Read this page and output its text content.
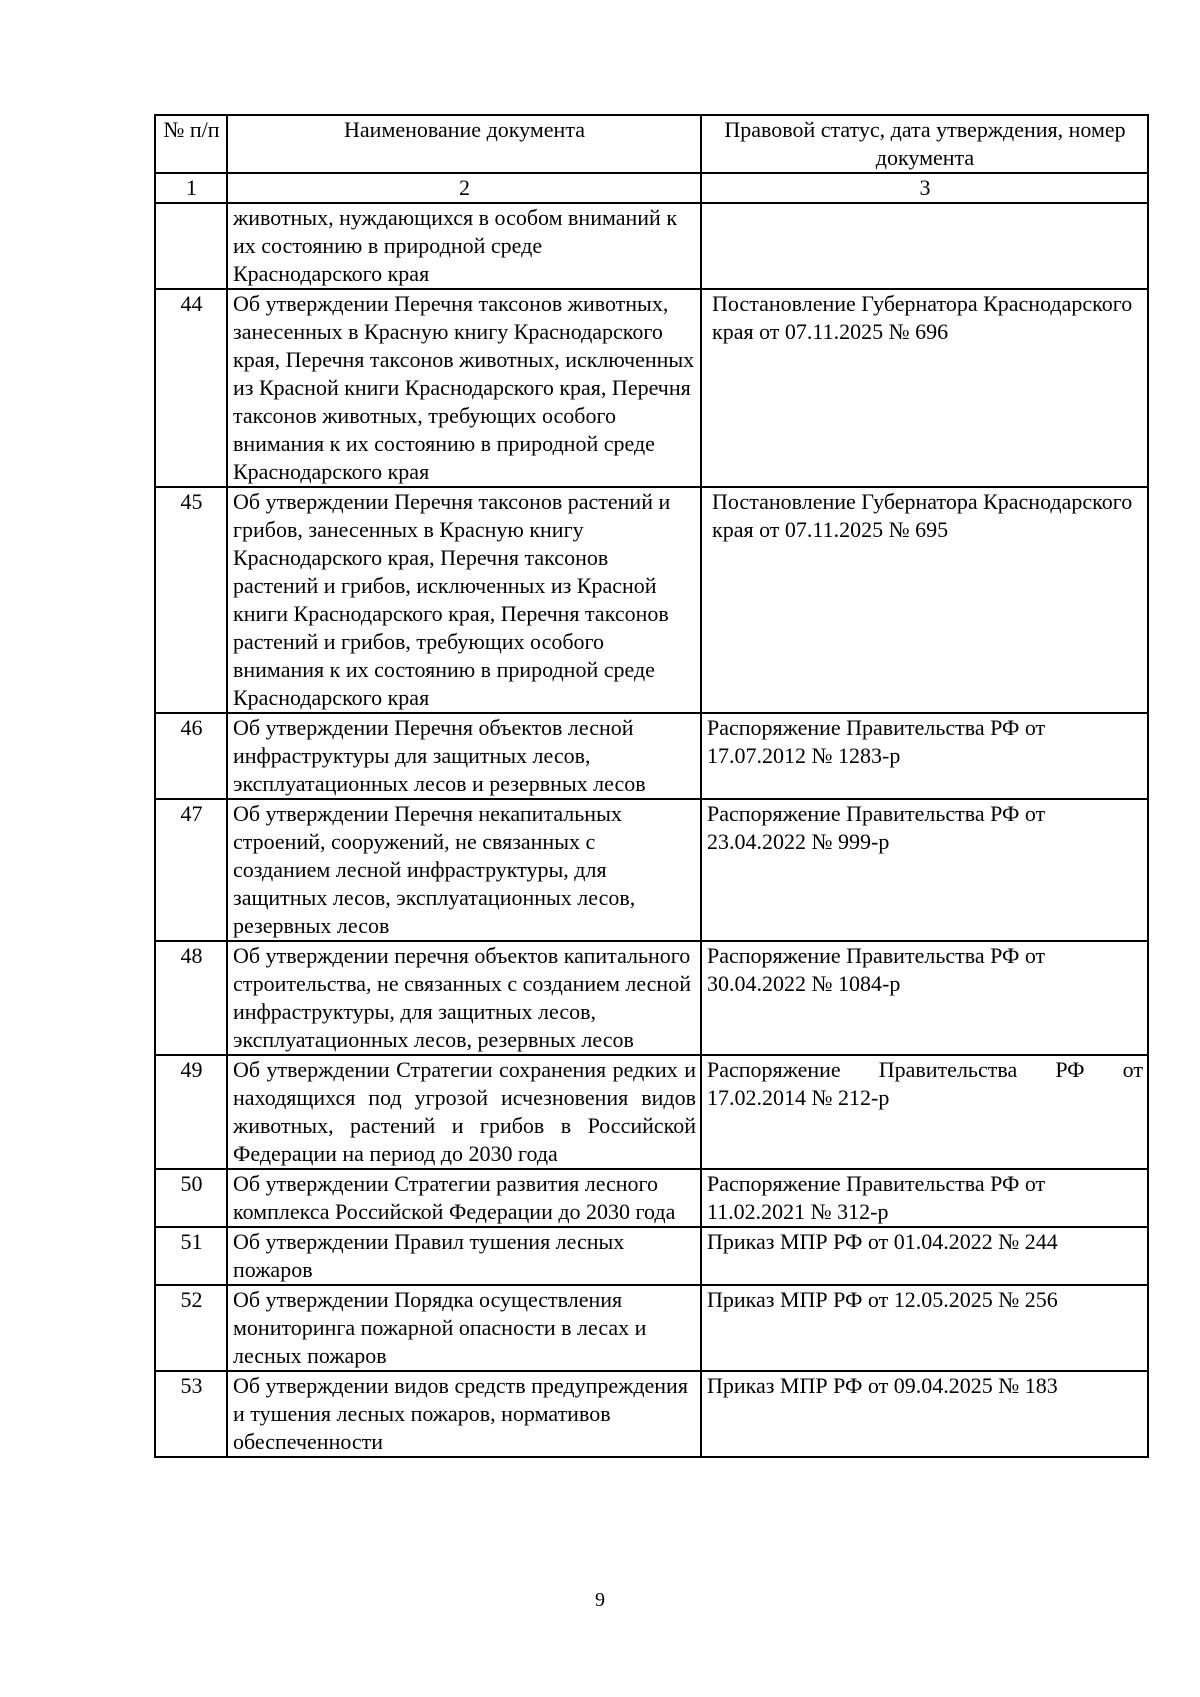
№ п/п	Наименование документа	Правовой статус, дата утверждения, номер документа
1	2	3
	животных, нуждающихся в особом вниманий к их состоянию в природной среде Краснодарского края	
44	Об утверждении Перечня таксонов животных, занесенных в Красную книгу Краснодарского края, Перечня таксонов животных, исключенных из Красной книги Краснодарского края, Перечня таксонов животных, требующих особого внимания к их состоянию в природной среде Краснодарского края	Постановление Губернатора Краснодарского края от 07.11.2025 № 696
45	Об утверждении Перечня таксонов растений и грибов, занесенных в Красную книгу Краснодарского края, Перечня таксонов растений и грибов, исключенных из Красной книги Краснодарского края, Перечня таксонов растений и грибов, требующих особого внимания к их состоянию в природной среде Краснодарского края	Постановление Губернатора Краснодарского края от 07.11.2025 № 695
46	Об утверждении Перечня объектов лесной инфраструктуры для защитных лесов, эксплуатационных лесов и резервных лесов	Распоряжение Правительства РФ от 17.07.2012 № 1283-р
47	Об утверждении Перечня некапитальных строений, сооружений, не связанных с созданием лесной инфраструктуры, для защитных лесов, эксплуатационных лесов, резервных лесов	Распоряжение Правительства РФ от 23.04.2022 № 999-р
48	Об утверждении перечня объектов капитального строительства, не связанных с созданием лесной инфраструктуры, для защитных лесов, эксплуатационных лесов, резервных лесов	Распоряжение Правительства РФ от 30.04.2022 № 1084-р
49	Об утверждении Стратегии сохранения редких и находящихся под угрозой исчезновения видов животных, растений и грибов в Российской Федерации на период до 2030 года	Распоряжение Правительства РФ от 17.02.2014 № 212-р
50	Об утверждении Стратегии развития лесного комплекса Российской Федерации до 2030 года	Распоряжение Правительства РФ от 11.02.2021 № 312-р
51	Об утверждении Правил тушения лесных пожаров	Приказ МПР РФ от 01.04.2022 № 244
52	Об утверждении Порядка осуществления мониторинга пожарной опасности в лесах и лесных пожаров	Приказ МПР РФ от 12.05.2025 № 256
53	Об утверждении видов средств предупреждения и тушения лесных пожаров, нормативов обеспеченности	Приказ МПР РФ от 09.04.2025 № 183
9
